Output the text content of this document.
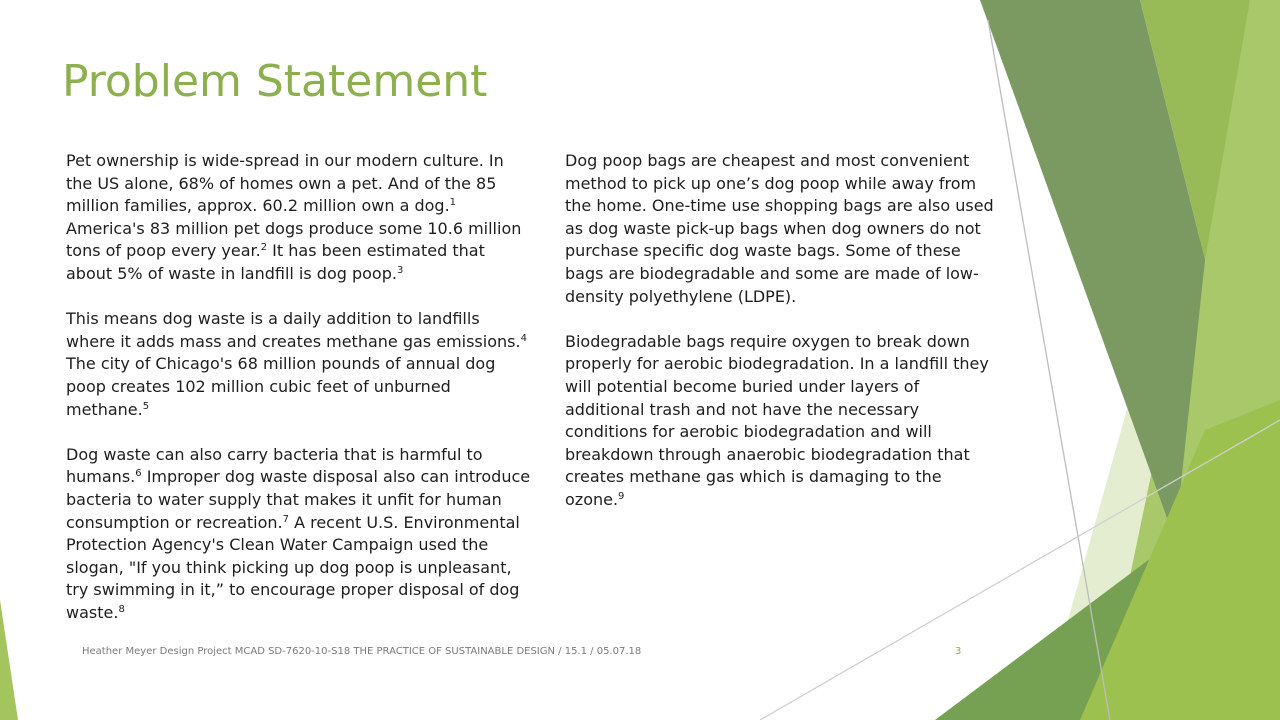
Problem Statement

Pet ownership is wide-spread in our modern culture. In the US alone, 68% of homes own a pet. And of the 85 million families, approx. 60.2 million own a dog.$^1$ America's 83 million pet dogs produce some 10.6 million tons of poop every year.$^2$ It has been estimated that about 5% of waste in landfill is dog poop.$^3$

This means dog waste is a daily addition to landfills where it adds mass and creates methane gas emissions.$^4$ The city of Chicago's 68 million pounds of annual dog poop creates 102 million cubic feet of unburned methane.$^5$

Dog waste can also carry bacteria that is harmful to humans.$^6$ Improper dog waste disposal also can introduce bacteria to water supply that makes it unfit for human consumption or recreation.$^7$ A recent U.S. Environmental Protection Agency's Clean Water Campaign used the slogan, "If you think picking up dog poop is unpleasant, try swimming in it,” to encourage proper disposal of dog waste.$^8$

Dog poop bags are cheapest and most convenient method to pick up one’s dog poop while away from the home. One-time use shopping bags are also used as dog waste pick-up bags when dog owners do not purchase specific dog waste bags. Some of these bags are biodegradable and some are made of low-density polyethylene (LDPE).

Biodegradable bags require oxygen to break down properly for aerobic biodegradation. In a landfill they will potential become buried under layers of additional trash and not have the necessary conditions for aerobic biodegradation and will breakdown through anaerobic biodegradation that creates methane gas which is damaging to the ozone.$^9$

Heather Meyer Design Project MCAD SD-7620-10-S18 THE PRACTICE OF SUSTAINABLE DESIGN / 15.1 / 05.07.18	3
